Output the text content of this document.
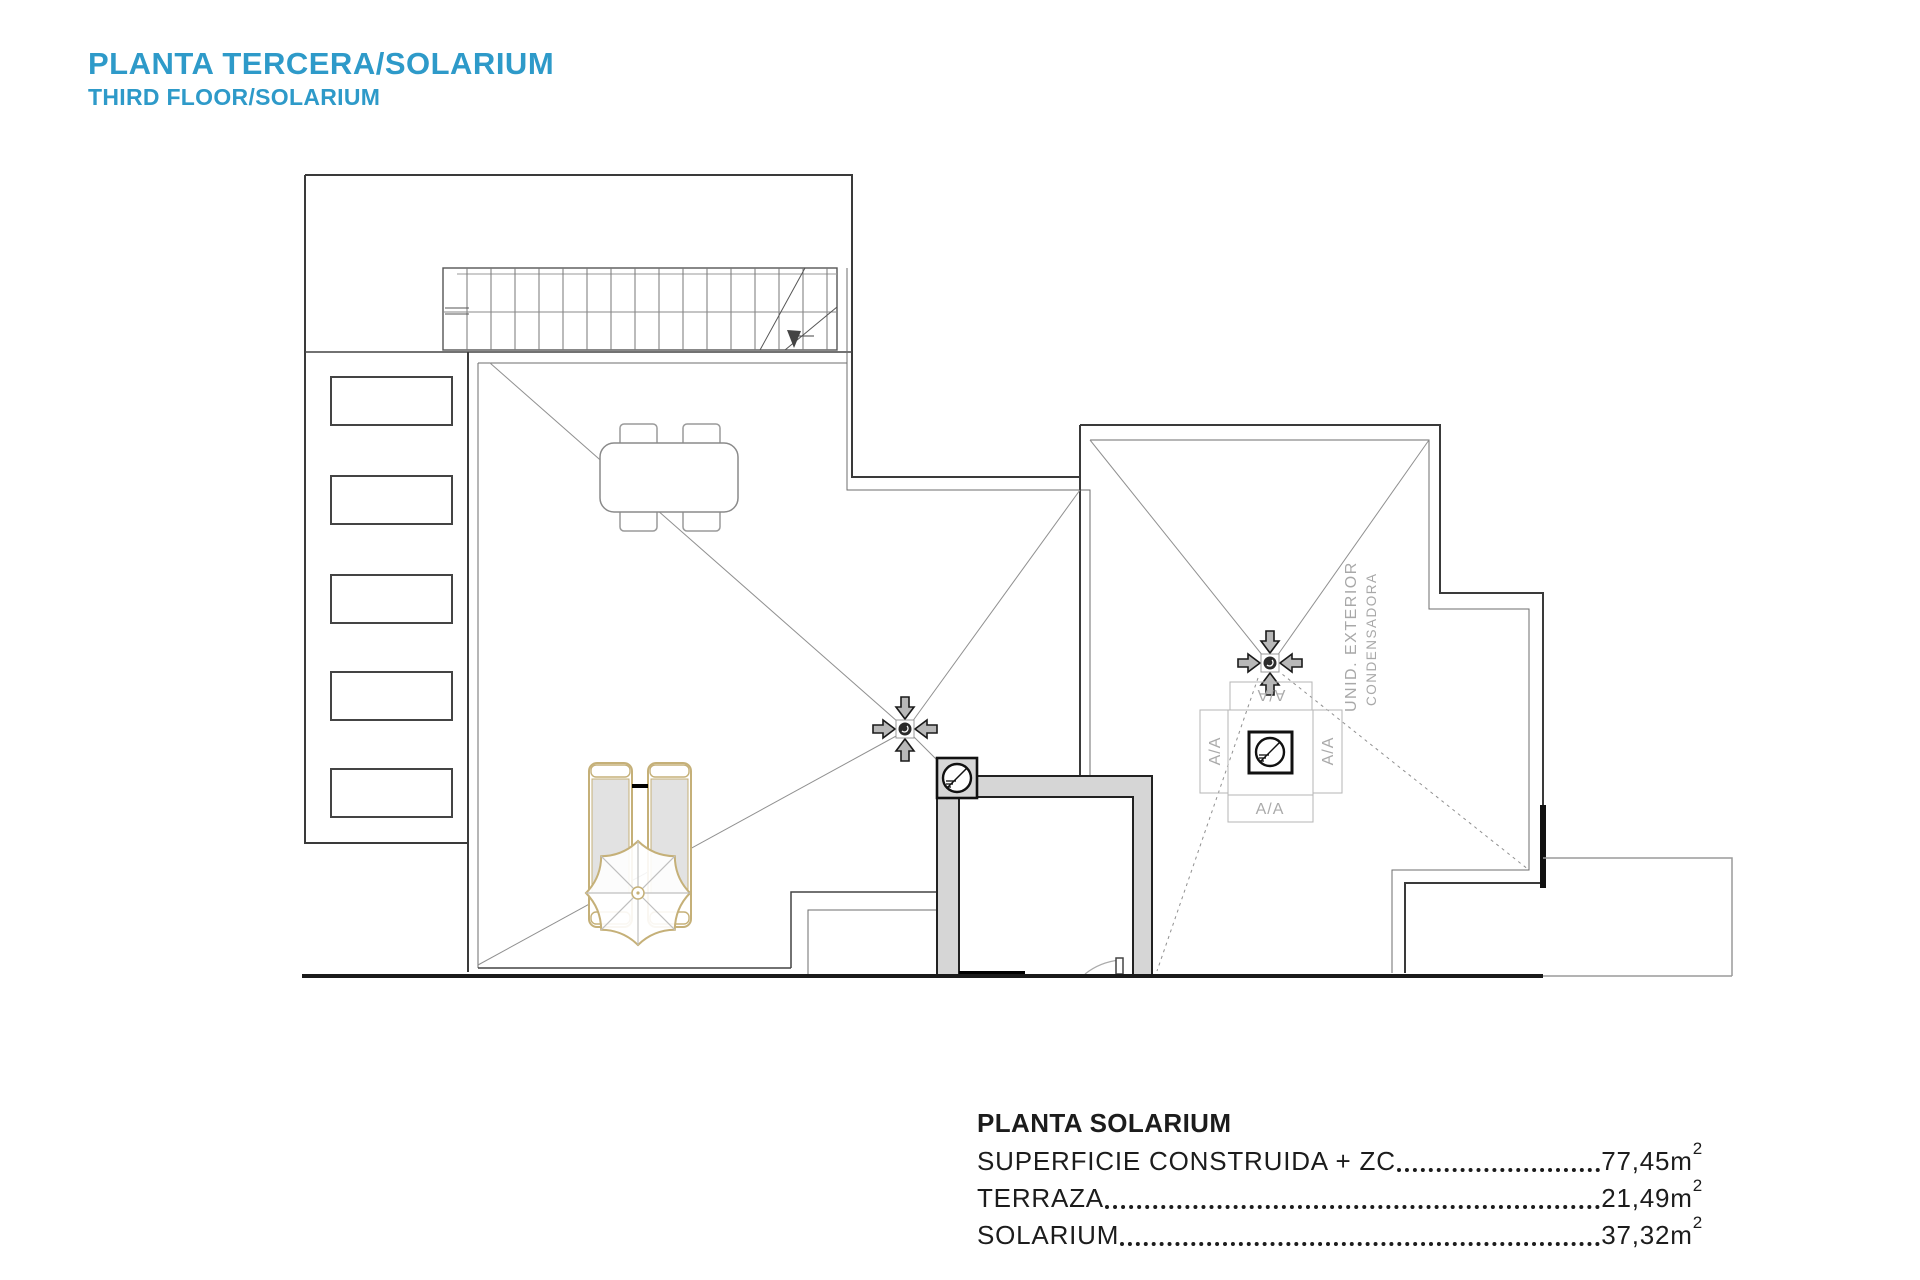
PLANTA TERCERA/SOLARIUM
THIRD FLOOR/SOLARIUM
A/A
A/A	A/A
A/A
UNID. EXTERIOR CONDENSADORA

PLANTA SOLARIUM

SUPERFICIE CONSTRUIDA + ZC	$77,45m^2$
TERRAZA	$21,49m^2$
SOLARIUM	$37,32m^2$
